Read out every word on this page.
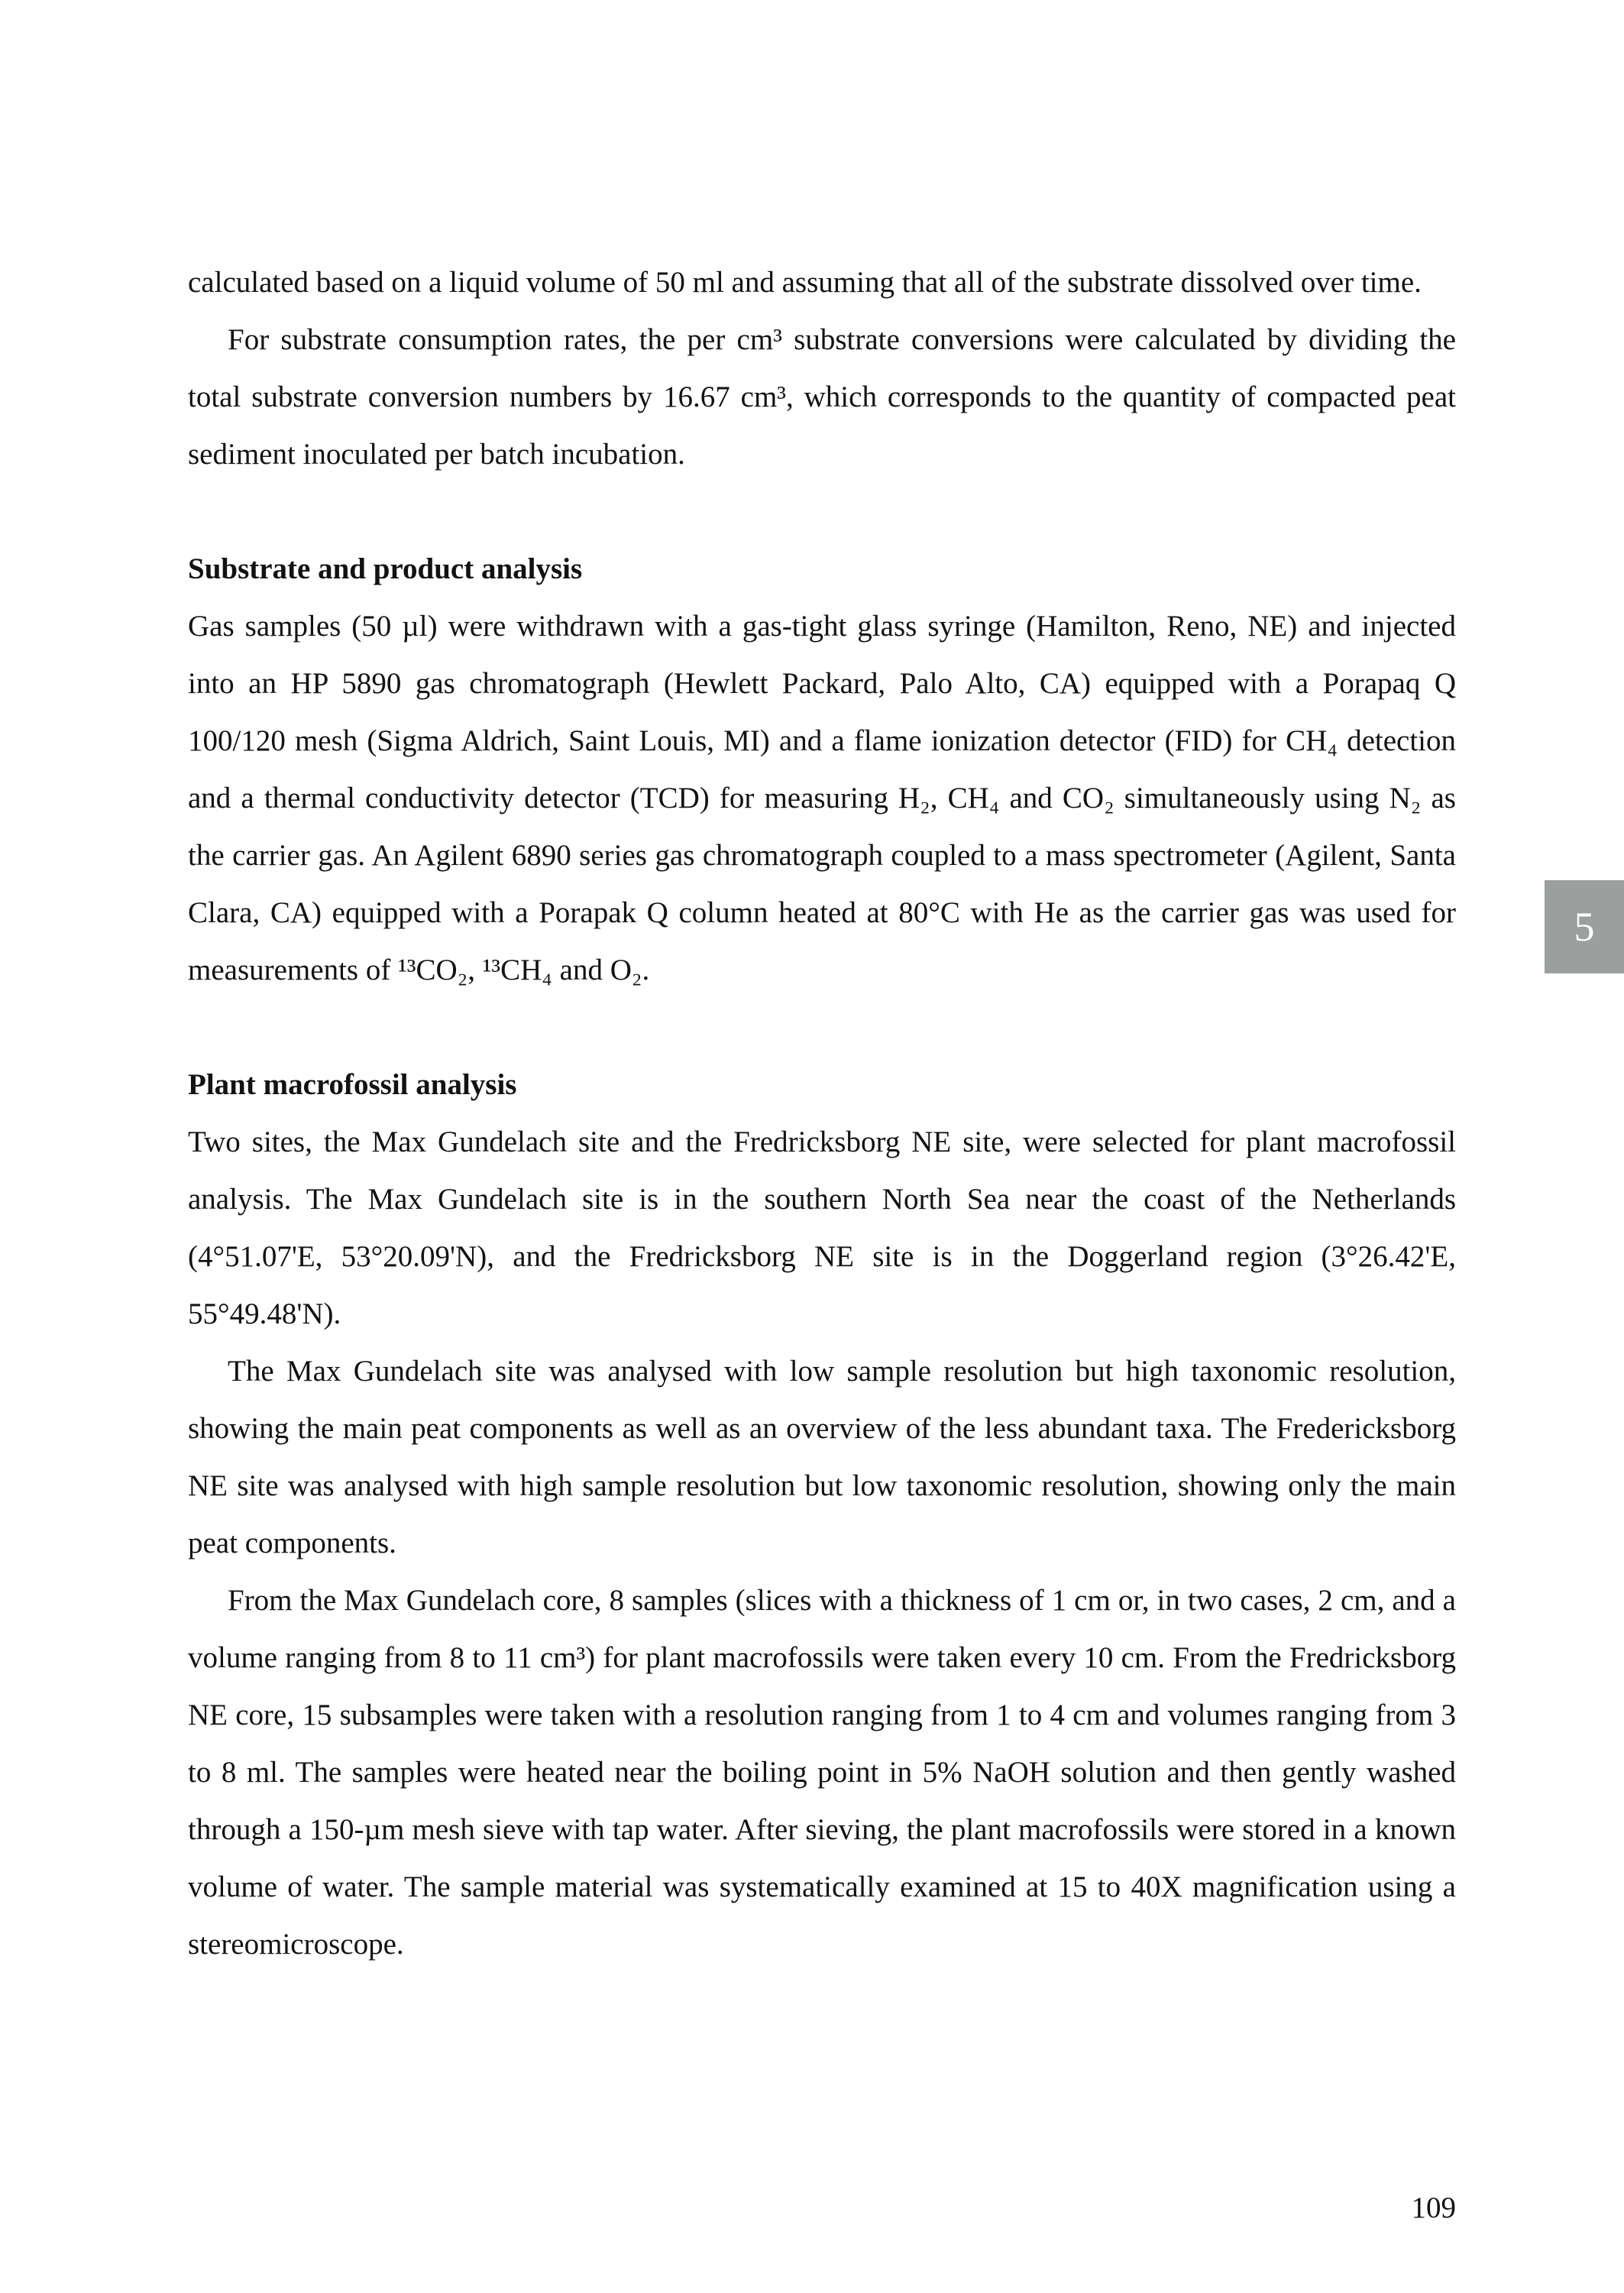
5

calculated based on a liquid volume of 50 ml and assuming that all of the substrate dissolved over time.

For substrate consumption rates, the per cm³ substrate conversions were calculated by dividing the total substrate conversion numbers by 16.67 cm³, which corresponds to the quantity of compacted peat sediment inoculated per batch incubation.

Substrate and product analysis

Gas samples (50 µl) were withdrawn with a gas-tight glass syringe (Hamilton, Reno, NE) and injected into an HP 5890 gas chromatograph (Hewlett Packard, Palo Alto, CA) equipped with a Porapaq Q 100/120 mesh (Sigma Aldrich, Saint Louis, MI) and a flame ionization detector (FID) for CH₄ detection and a thermal conductivity detector (TCD) for measuring H₂, CH₄ and CO₂ simultaneously using N₂ as the carrier gas. An Agilent 6890 series gas chromatograph coupled to a mass spectrometer (Agilent, Santa Clara, CA) equipped with a Porapak Q column heated at 80°C with He as the carrier gas was used for measurements of ¹³CO₂, ¹³CH₄ and O₂.

Plant macrofossil analysis

Two sites, the Max Gundelach site and the Fredricksborg NE site, were selected for plant macrofossil analysis. The Max Gundelach site is in the southern North Sea near the coast of the Netherlands (4°51.07'E, 53°20.09'N), and the Fredricksborg NE site is in the Doggerland region (3°26.42'E, 55°49.48'N).

The Max Gundelach site was analysed with low sample resolution but high taxonomic resolution, showing the main peat components as well as an overview of the less abundant taxa. The Fredericksborg NE site was analysed with high sample resolution but low taxonomic resolution, showing only the main peat components.

From the Max Gundelach core, 8 samples (slices with a thickness of 1 cm or, in two cases, 2 cm, and a volume ranging from 8 to 11 cm³) for plant macrofossils were taken every 10 cm. From the Fredricksborg NE core, 15 subsamples were taken with a resolution ranging from 1 to 4 cm and volumes ranging from 3 to 8 ml. The samples were heated near the boiling point in 5% NaOH solution and then gently washed through a 150-µm mesh sieve with tap water. After sieving, the plant macrofossils were stored in a known volume of water. The sample material was systematically examined at 15 to 40X magnification using a stereomicroscope.

109
